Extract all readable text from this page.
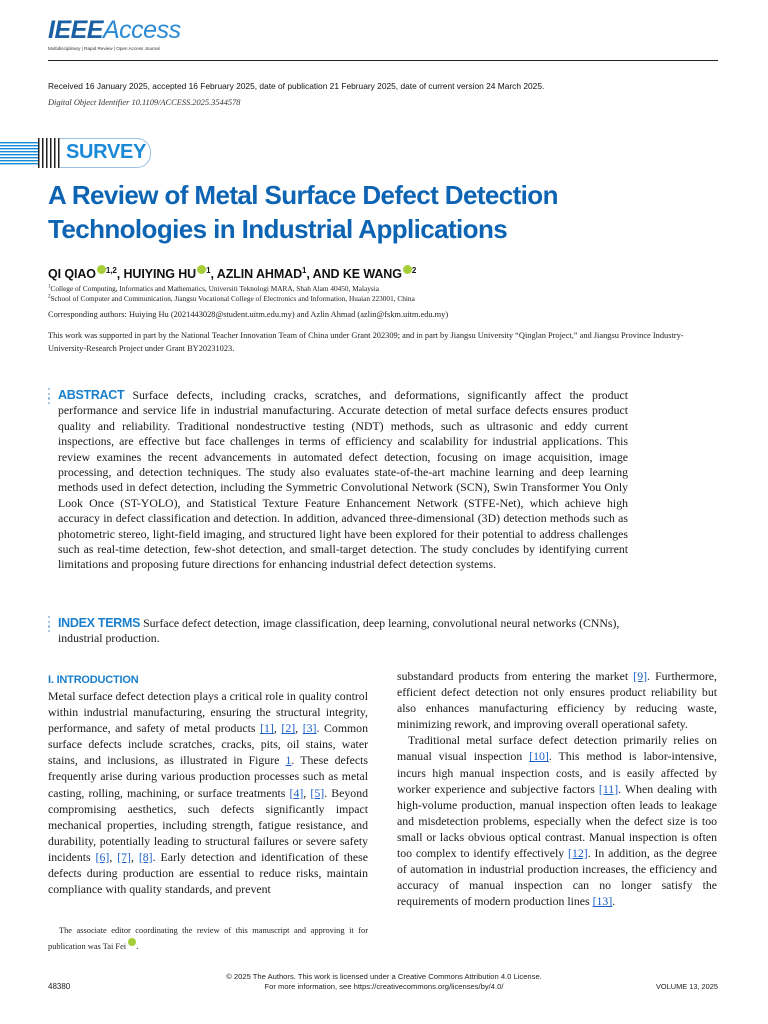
IEEEAccess
Multidisciplinary | Rapid Review | Open Access Journal
Received 16 January 2025, accepted 16 February 2025, date of publication 21 February 2025, date of current version 24 March 2025.
Digital Object Identifier 10.1109/ACCESS.2025.3544578
SURVEY
A Review of Metal Surface Defect Detection Technologies in Industrial Applications
QI QIAO $^{1,2}$, HUIYING HU $^1$, AZLIN AHMAD$^1$, AND KE WANG $^2$
$^1$College of Computing, Informatics and Mathematics, Universiti Teknologi MARA, Shah Alam 40450, Malaysia
$^2$School of Computer and Communication, Jiangsu Vocational College of Electronics and Information, Huaian 223001, China
Corresponding authors: Huiying Hu (2021443028@student.uitm.edu.my) and Azlin Ahmad (azlin@fskm.uitm.edu.my)
This work was supported in part by the National Teacher Innovation Team of China under Grant 202309; and in part by Jiangsu University “Qinglan Project,” and Jiangsu Province Industry-University-Research Project under Grant BY20231023.
ABSTRACT Surface defects, including cracks, scratches, and deformations, significantly affect the product performance and service life in industrial manufacturing. Accurate detection of metal surface defects ensures product quality and reliability. Traditional nondestructive testing (NDT) methods, such as ultrasonic and eddy current inspections, are effective but face challenges in terms of efficiency and scalability for industrial applications. This review examines the recent advancements in automated defect detection, focusing on image acquisition, image processing, and detection techniques. The study also evaluates state-of-the-art machine learning and deep learning methods used in defect detection, including the Symmetric Convolutional Network (SCN), Swin Transformer You Only Look Once (ST-YOLO), and Statistical Texture Feature Enhancement Network (STFE-Net), which achieve high accuracy in defect classification and detection. In addition, advanced three-dimensional (3D) detection methods such as photometric stereo, light-field imaging, and structured light have been explored for their potential to address challenges such as real-time detection, few-shot detection, and small-target detection. The study concludes by identifying current limitations and proposing future directions for enhancing industrial defect detection systems.
INDEX TERMS Surface defect detection, image classification, deep learning, convolutional neural networks (CNNs), industrial production.
I. INTRODUCTION

Metal surface defect detection plays a critical role in quality control within industrial manufacturing, ensuring the structural integrity, performance, and safety of metal products [1], [2], [3]. Common surface defects include scratches, cracks, pits, oil stains, water stains, and inclusions, as illustrated in Figure 1. These defects frequently arise during various production processes such as metal casting, rolling, machining, or surface treatments [4], [5]. Beyond compromising aesthetics, such defects significantly impact mechanical properties, including strength, fatigue resistance, and durability, potentially leading to structural failures or severe safety incidents [6], [7], [8]. Early detection and identification of these defects during production are essential to reduce risks, maintain compliance with quality standards, and prevent

The associate editor coordinating the review of this manuscript and approving it for publication was Tai Fei .

substandard products from entering the market [9]. Furthermore, efficient defect detection not only ensures product reliability but also enhances manufacturing efficiency by reducing waste, minimizing rework, and improving overall operational safety.

Traditional metal surface defect detection primarily relies on manual visual inspection [10]. This method is labor-intensive, incurs high manual inspection costs, and is easily affected by worker experience and subjective factors [11]. When dealing with high-volume production, manual inspection often leads to leakage and misdetection problems, especially when the defect size is too small or lacks obvious optical contrast. Manual inspection is often too complex to identify effectively [12]. In addition, as the degree of automation in industrial production increases, the efficiency and accuracy of manual inspection can no longer satisfy the requirements of modern production lines [13].

© 2025 The Authors. This work is licensed under a Creative Commons Attribution 4.0 License.
For more information, see https://creativecommons.org/licenses/by/4.0/
48380	VOLUME 13, 2025
